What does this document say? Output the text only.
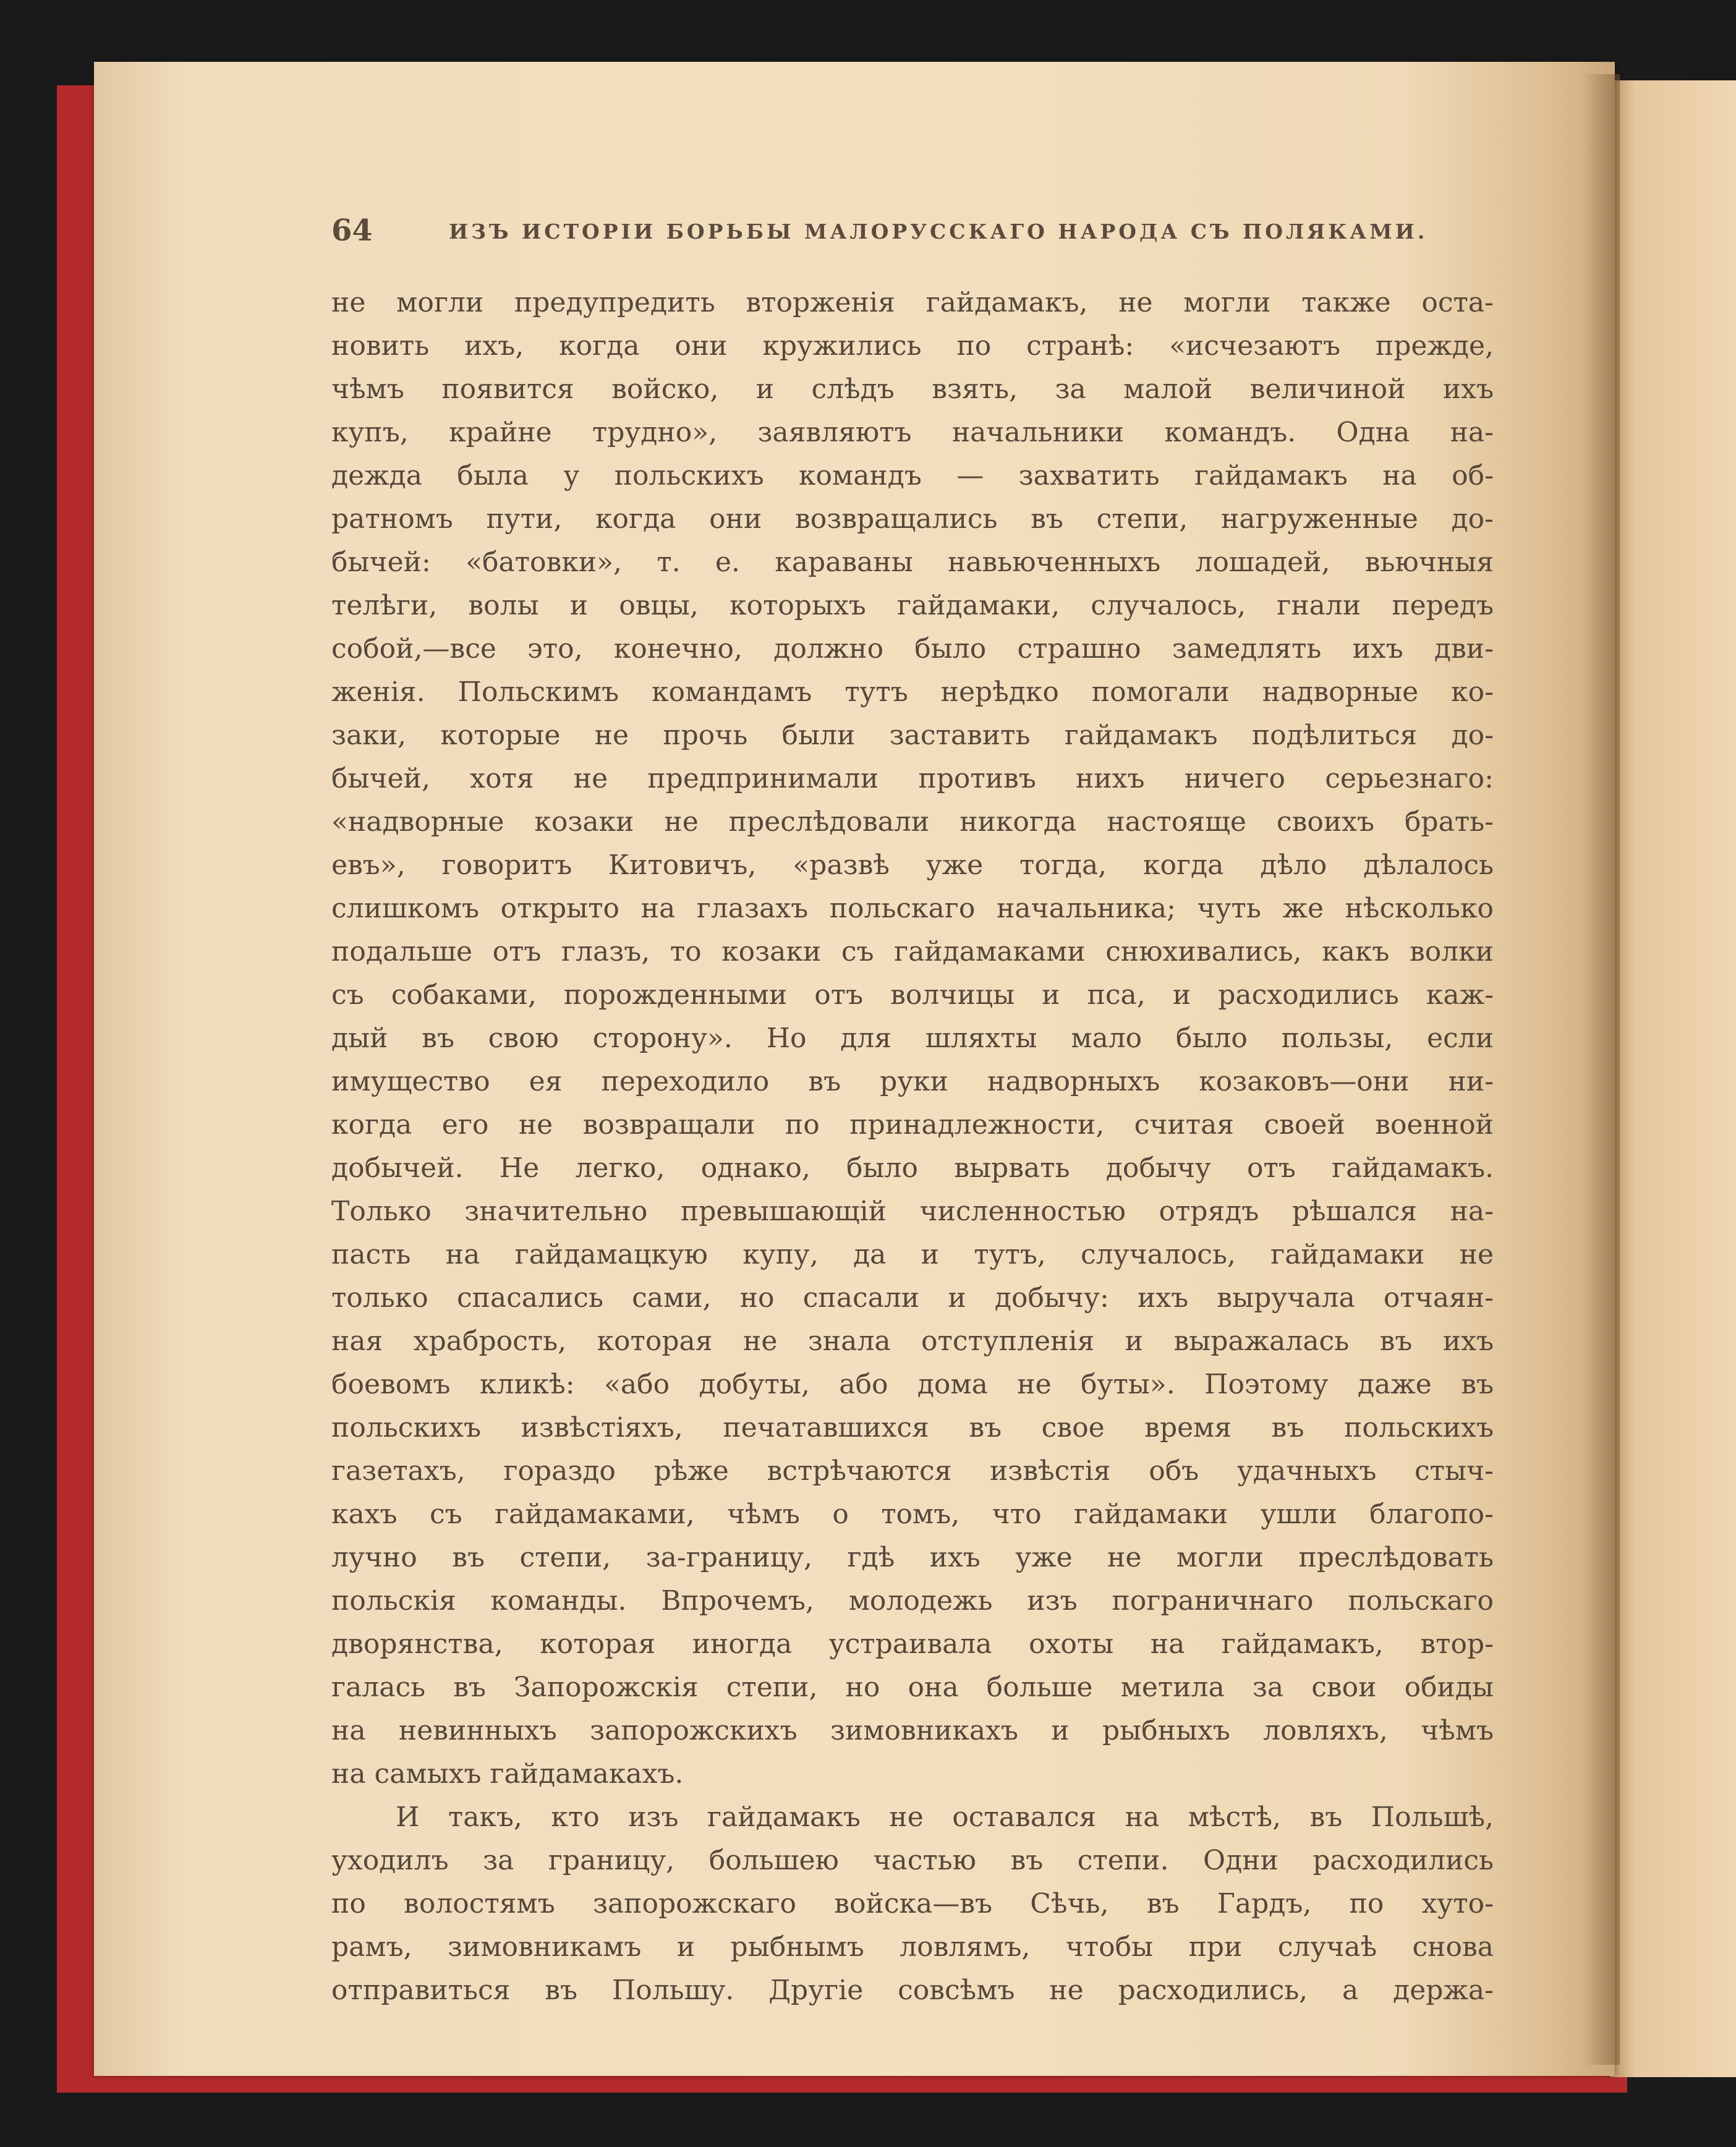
64	ИЗЪ ИСТОРІИ БОРЬБЫ МАЛОРУССКАГО НАРОДА СЪ ПОЛЯКАМИ.
не могли предупредить вторженія гайдамакъ, не могли также оста-
новить ихъ, когда они кружились по странѣ: «исчезаютъ прежде,
чѣмъ появится войско, и слѣдъ взять, за малой величиной ихъ
купъ, крайне трудно», заявляютъ начальники командъ. Одна на-
дежда была у польскихъ командъ — захватить гайдамакъ на об-
ратномъ пути, когда они возвращались въ степи, нагруженные до-
бычей: «батовки», т. е. караваны навьюченныхъ лошадей, вьючныя
телѣги, волы и овцы, которыхъ гайдамаки, случалось, гнали передъ
собой,—все это, конечно, должно было страшно замедлять ихъ дви-
женія. Польскимъ командамъ тутъ нерѣдко помогали надворные ко-
заки, которые не прочь были заставить гайдамакъ подѣлиться до-
бычей, хотя не предпринимали противъ нихъ ничего серьезнаго:
«надворные козаки не преслѣдовали никогда настояще своихъ брать-
евъ», говоритъ Китовичъ, «развѣ уже тогда, когда дѣло дѣлалось
слишкомъ открыто на глазахъ польскаго начальника; чуть же нѣсколько
подальше отъ глазъ, то козаки съ гайдамаками снюхивались, какъ волки
съ собаками, порожденными отъ волчицы и пса, и расходились каж-
дый въ свою сторону». Но для шляхты мало было пользы, если
имущество ея переходило въ руки надворныхъ козаковъ—они ни-
когда его не возвращали по принадлежности, считая своей военной
добычей. Не легко, однако, было вырвать добычу отъ гайдамакъ.
Только значительно превышающій численностью отрядъ рѣшался на-
пасть на гайдамацкую купу, да и тутъ, случалось, гайдамаки не
только спасались сами, но спасали и добычу: ихъ выручала отчаян-
ная храбрость, которая не знала отступленія и выражалась въ ихъ
боевомъ кликѣ: «або добуты, або дома не буты». Поэтому даже въ
польскихъ извѣстіяхъ, печатавшихся въ свое время въ польскихъ
газетахъ, гораздо рѣже встрѣчаются извѣстія объ удачныхъ стыч-
кахъ съ гайдамаками, чѣмъ о томъ, что гайдамаки ушли благопо-
лучно въ степи, за-границу, гдѣ ихъ уже не могли преслѣдовать
польскія команды. Впрочемъ, молодежь изъ пограничнаго польскаго
дворянства, которая иногда устраивала охоты на гайдамакъ, втор-
галась въ Запорожскія степи, но она больше метила за свои обиды
на невинныхъ запорожскихъ зимовникахъ и рыбныхъ ловляхъ, чѣмъ
на самыхъ гайдамакахъ.
И такъ, кто изъ гайдамакъ не оставался на мѣстѣ, въ Польшѣ,
уходилъ за границу, большею частью въ степи. Одни расходились
по волостямъ запорожскаго войска—въ Сѣчь, въ Гардъ, по хуто-
рамъ, зимовникамъ и рыбнымъ ловлямъ, чтобы при случаѣ снова
отправиться въ Польшу. Другіе совсѣмъ не расходились, а держа-
